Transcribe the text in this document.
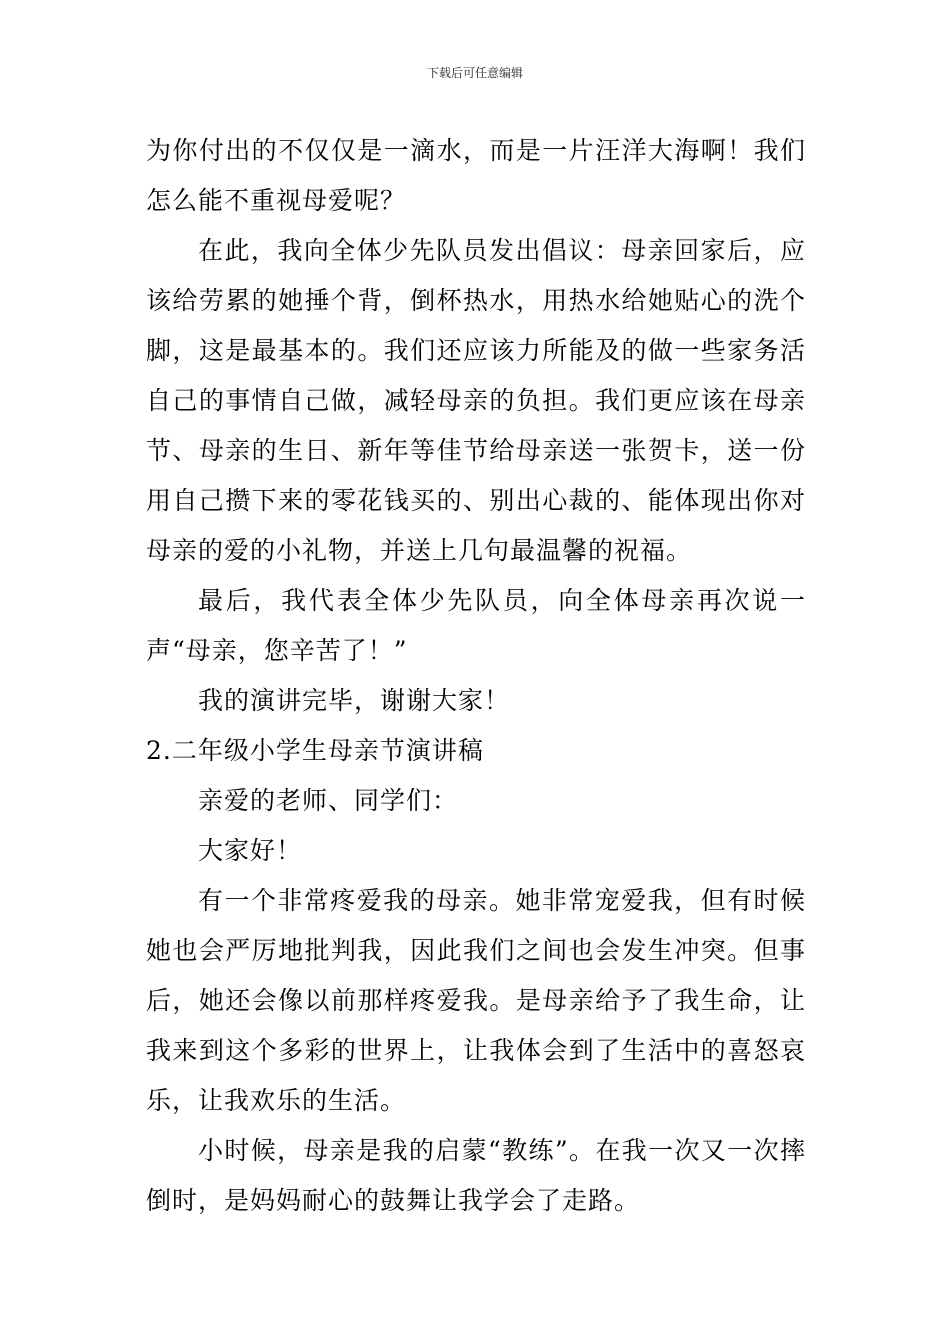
下载后可任意编辑

为你付出的不仅仅是一滴水，而是一片汪洋大海啊！我们怎么能不重视母爱呢？

在此，我向全体少先队员发出倡议：母亲回家后，应该给劳累的她捶个背，倒杯热水，用热水给她贴心的洗个脚，这是最基本的。我们还应该力所能及的做一些家务活自己的事情自己做，减轻母亲的负担。我们更应该在母亲节、母亲的生日、新年等佳节给母亲送一张贺卡，送一份用自己攒下来的零花钱买的、别出心裁的、能体现出你对母亲的爱的小礼物，并送上几句最温馨的祝福。

最后，我代表全体少先队员，向全体母亲再次说一声“母亲，您辛苦了！”

我的演讲完毕，谢谢大家！

2.二年级小学生母亲节演讲稿

亲爱的老师、同学们：

大家好！

有一个非常疼爱我的母亲。她非常宠爱我，但有时候她也会严厉地批判我，因此我们之间也会发生冲突。但事后，她还会像以前那样疼爱我。是母亲给予了我生命，让我来到这个多彩的世界上，让我体会到了生活中的喜怒哀乐，让我欢乐的生活。

小时候，母亲是我的启蒙“教练”。在我一次又一次摔倒时，是妈妈耐心的鼓舞让我学会了走路。
